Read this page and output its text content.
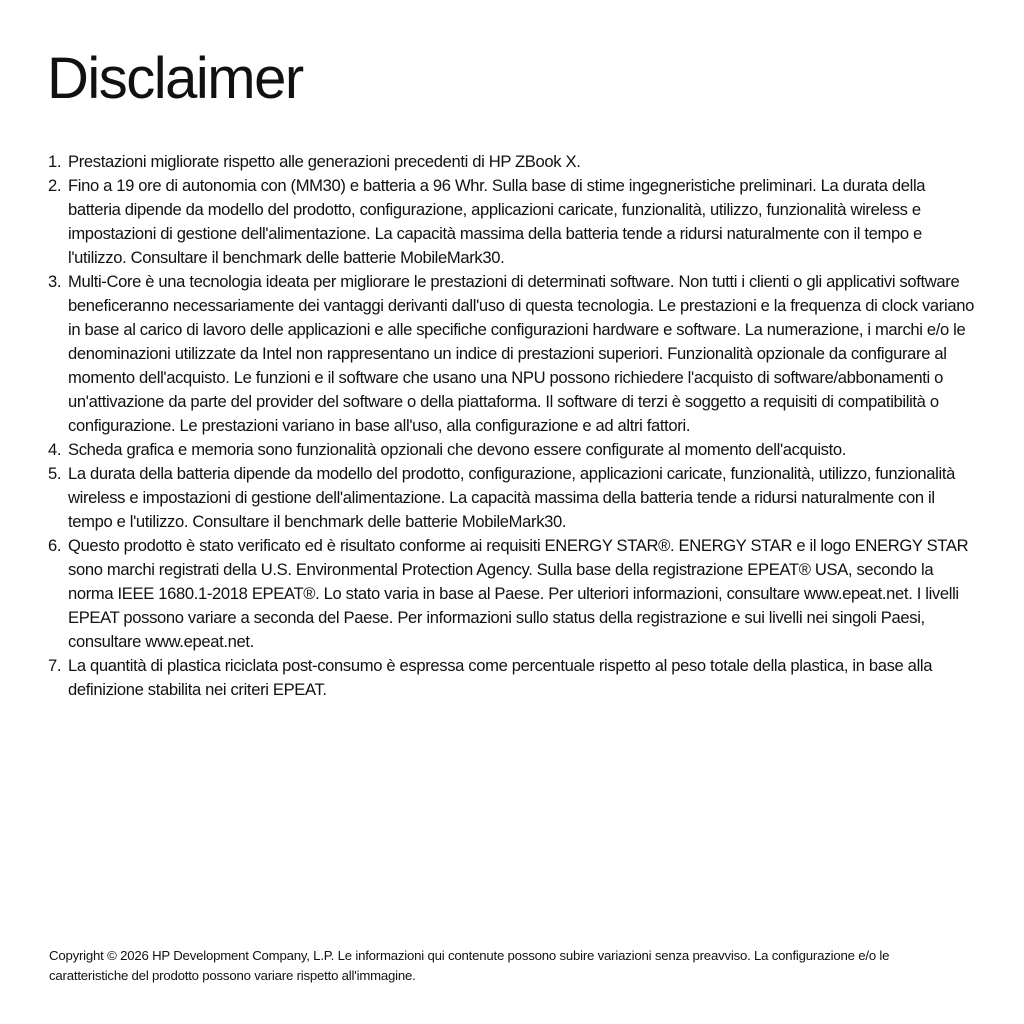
Disclaimer
1. Prestazioni migliorate rispetto alle generazioni precedenti di HP ZBook X.
2. Fino a 19 ore di autonomia con (MM30) e batteria a 96 Whr. Sulla base di stime ingegneristiche preliminari. La durata della batteria dipende da modello del prodotto, configurazione, applicazioni caricate, funzionalità, utilizzo, funzionalità wireless e impostazioni di gestione dell'alimentazione. La capacità massima della batteria tende a ridursi naturalmente con il tempo e l'utilizzo. Consultare il benchmark delle batterie MobileMark30.
3. Multi-Core è una tecnologia ideata per migliorare le prestazioni di determinati software. Non tutti i clienti o gli applicativi software beneficeranno necessariamente dei vantaggi derivanti dall'uso di questa tecnologia. Le prestazioni e la frequenza di clock variano in base al carico di lavoro delle applicazioni e alle specifiche configurazioni hardware e software. La numerazione, i marchi e/o le denominazioni utilizzate da Intel non rappresentano un indice di prestazioni superiori. Funzionalità opzionale da configurare al momento dell'acquisto. Le funzioni e il software che usano una NPU possono richiedere l'acquisto di software/abbonamenti o un'attivazione da parte del provider del software o della piattaforma. Il software di terzi è soggetto a requisiti di compatibilità o configurazione. Le prestazioni variano in base all'uso, alla configurazione e ad altri fattori.
4. Scheda grafica e memoria sono funzionalità opzionali che devono essere configurate al momento dell'acquisto.
5. La durata della batteria dipende da modello del prodotto, configurazione, applicazioni caricate, funzionalità, utilizzo, funzionalità wireless e impostazioni di gestione dell'alimentazione. La capacità massima della batteria tende a ridursi naturalmente con il tempo e l'utilizzo. Consultare il benchmark delle batterie MobileMark30.
6. Questo prodotto è stato verificato ed è risultato conforme ai requisiti ENERGY STAR®. ENERGY STAR e il logo ENERGY STAR sono marchi registrati della U.S. Environmental Protection Agency. Sulla base della registrazione EPEAT® USA, secondo la norma IEEE 1680.1-2018 EPEAT®. Lo stato varia in base al Paese. Per ulteriori informazioni, consultare www.epeat.net. I livelli EPEAT possono variare a seconda del Paese. Per informazioni sullo status della registrazione e sui livelli nei singoli Paesi, consultare www.epeat.net.
7. La quantità di plastica riciclata post-consumo è espressa come percentuale rispetto al peso totale della plastica, in base alla definizione stabilita nei criteri EPEAT.

Copyright © 2026 HP Development Company, L.P. Le informazioni qui contenute possono subire variazioni senza preavviso. La configurazione e/o le caratteristiche del prodotto possono variare rispetto all'immagine.
